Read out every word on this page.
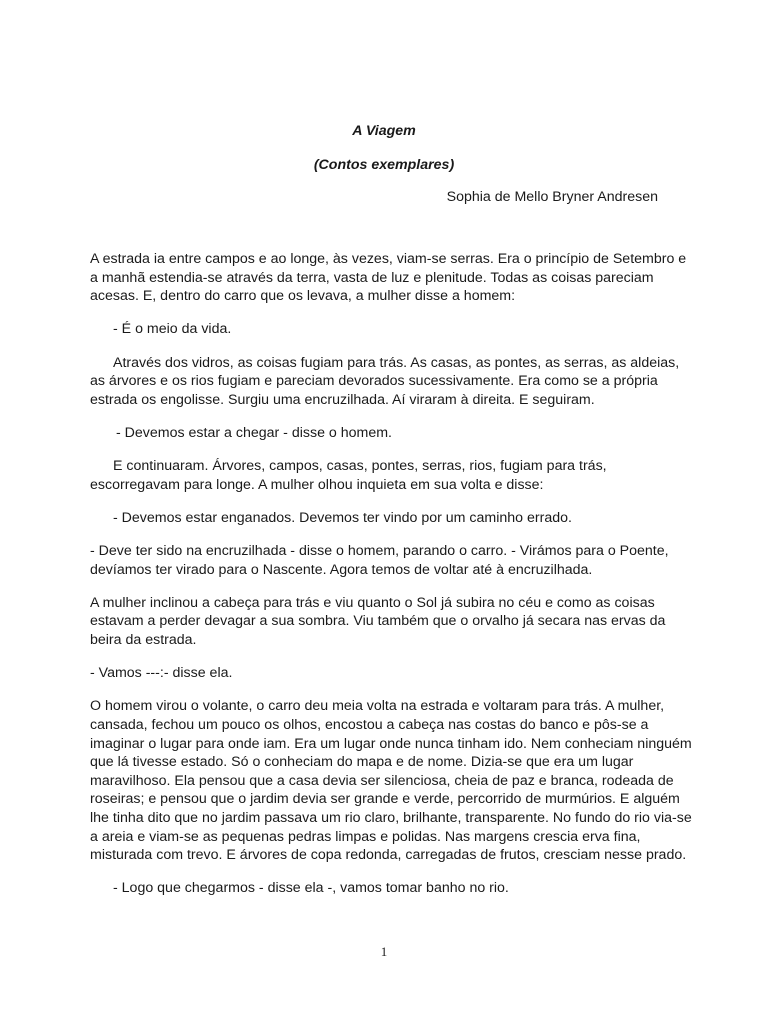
A Viagem
(Contos exemplares)
Sophia de Mello Bryner Andresen

A estrada ia entre campos e ao longe, às vezes, viam-se serras. Era o princípio de Setembro e
a manhã estendia-se através da terra, vasta de luz e plenitude. Todas as coisas pareciam
acesas. E, dentro do carro que os levava, a mulher disse a homem:

- É o meio da vida.

Através dos vidros, as coisas fugiam para trás. As casas, as pontes, as serras, as aldeias,
as árvores e os rios fugiam e pareciam devorados sucessivamente. Era como se a própria
estrada os engolisse. Surgiu uma encruzilhada. Aí viraram à direita. E seguiram.

- Devemos estar a chegar - disse o homem.

E continuaram. Árvores, campos, casas, pontes, serras, rios, fugiam para trás,
escorregavam para longe. A mulher olhou inquieta em sua volta e disse:

- Devemos estar enganados. Devemos ter vindo por um caminho errado.

- Deve ter sido na encruzilhada - disse o homem, parando o carro. - Virámos para o Poente,
devíamos ter virado para o Nascente. Agora temos de voltar até à encruzilhada.

A mulher inclinou a cabeça para trás e viu quanto o Sol já subira no céu e como as coisas
estavam a perder devagar a sua sombra. Viu também que o orvalho já secara nas ervas da
beira da estrada.

- Vamos ---:- disse ela.

O homem virou o volante, o carro deu meia volta na estrada e voltaram para trás. A mulher,
cansada, fechou um pouco os olhos, encostou a cabeça nas costas do banco e pôs-se a
imaginar o lugar para onde iam. Era um lugar onde nunca tinham ido. Nem conheciam ninguém
que lá tivesse estado. Só o conheciam do mapa e de nome. Dizia-se que era um lugar
maravilhoso. Ela pensou que a casa devia ser silenciosa, cheia de paz e branca, rodeada de
roseiras; e pensou que o jardim devia ser grande e verde, percorrido de murmúrios. E alguém
lhe tinha dito que no jardim passava um rio claro, brilhante, transparente. No fundo do rio via-se
a areia e viam-se as pequenas pedras limpas e polidas. Nas margens crescia erva fina,
misturada com trevo. E árvores de copa redonda, carregadas de frutos, cresciam nesse prado.

- Logo que chegarmos - disse ela -, vamos tomar banho no rio.

1
